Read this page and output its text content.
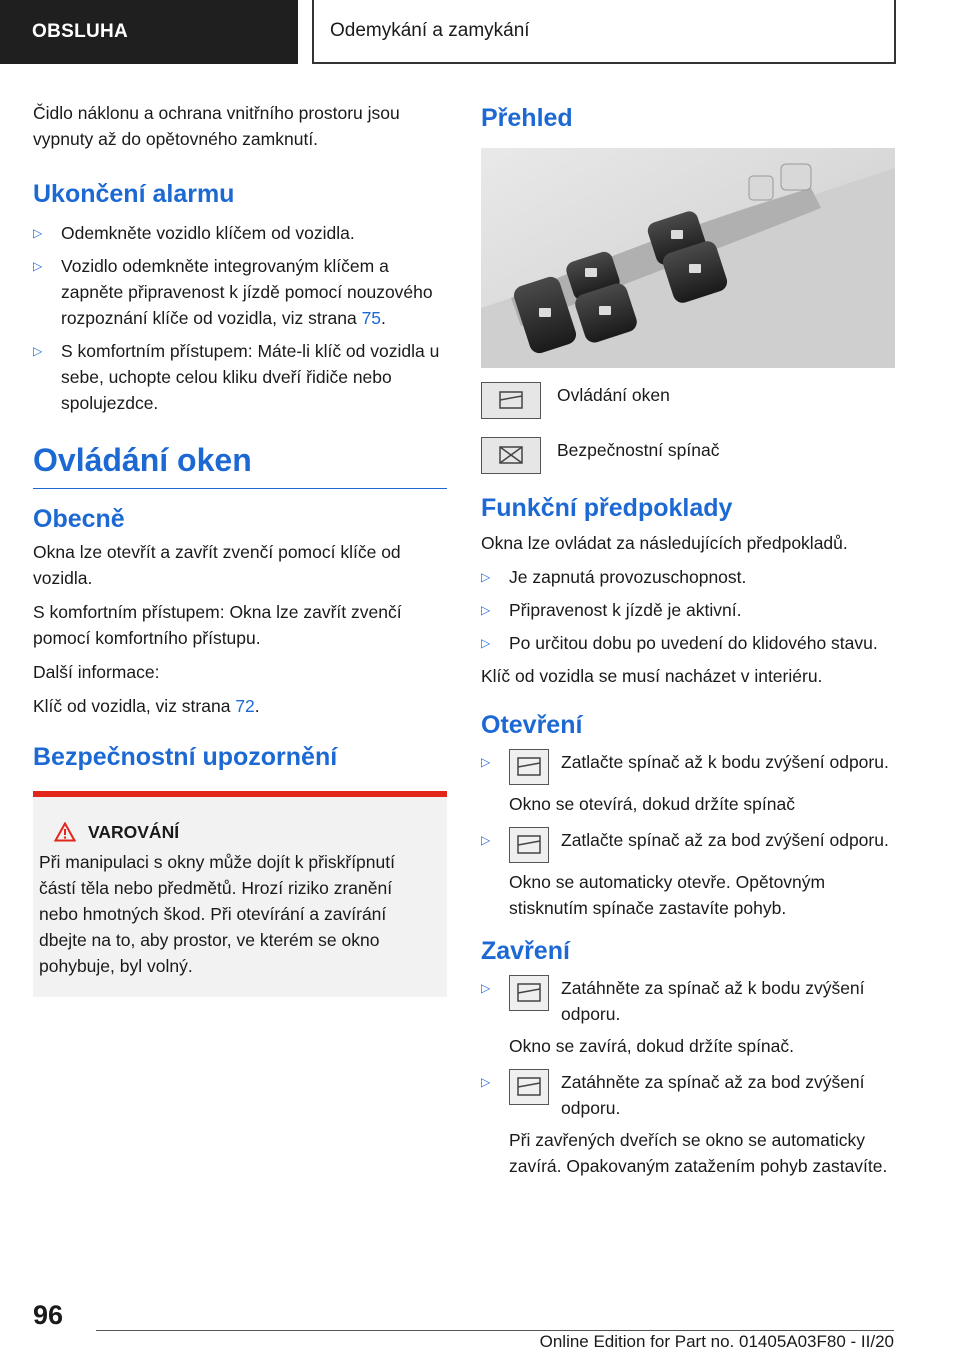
OBSLUHA	Odemykání a zamykání

Čidlo náklonu a ochrana vnitřního prostoru jsou vypnuty až do opětovného zamknutí.

Ukončení alarmu
▷ Odemkněte vozidlo klíčem od vozidla.
▷ Vozidlo odemkněte integrovaným klíčem a zapněte připravenost k jízdě pomocí nouzového rozpoznání klíče od vozidla, viz strana 75.
▷ S komfortním přístupem: Máte-li klíč od vozidla u sebe, uchopte celou kliku dveří řidiče nebo spolujezdce.
Ovládání oken
Obecně

Okna lze otevřít a zavřít zvenčí pomocí klíče od vozidla.

S komfortním přístupem: Okna lze zavřít zvenčí pomocí komfortního přístupu.

Další informace:

Klíč od vozidla, viz strana 72.

Bezpečnostní upozornění
VAROVÁNÍ

Při manipulaci s okny může dojít k přiskřípnutí částí těla nebo předmětů. Hrozí riziko zranění nebo hmotných škod. Při otevírání a zavírání dbejte na to, aby prostor, ve kterém se okno pohybuje, byl volný.

Přehled

Ovládání oken

Bezpečnostní spínač

Funkční předpoklady

Okna lze ovládat za následujících předpokladů.

▷ Je zapnutá provozuschopnost.
▷ Připravenost k jízdě je aktivní.
▷ Po určitou dobu po uvedení do klidového stavu.

Klíč od vozidla se musí nacházet v interiéru.

Otevření
▷	Zatlačte spínač až k bodu zvýšení odporu.
Okno se otevírá, dokud držíte spínač
▷	Zatlačte spínač až za bod zvýšení odporu.
Okno se automaticky otevře. Opětovným stisknutím spínače zastavíte pohyb.
Zavření
▷	Zatáhněte za spínač až k bodu zvýšení odporu.
Okno se zavírá, dokud držíte spínač.
▷	Zatáhněte za spínač až za bod zvýšení odporu.
Při zavřených dveřích se okno se automaticky zavírá. Opakovaným zatažením pohyb zastavíte.
96
Online Edition for Part no. 01405A03F80 - II/20
